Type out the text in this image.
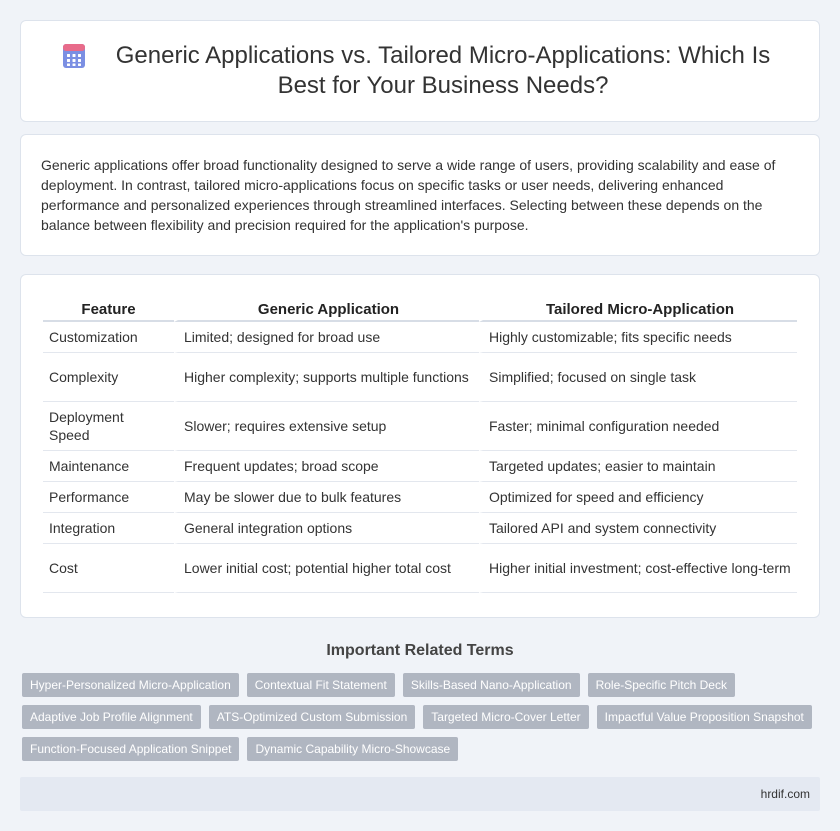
Generic Applications vs. Tailored Micro-Applications: Which Is Best for Your Business Needs?

Generic applications offer broad functionality designed to serve a wide range of users, providing scalability and ease of deployment. In contrast, tailored micro-applications focus on specific tasks or user needs, delivering enhanced performance and personalized experiences through streamlined interfaces. Selecting between these depends on the balance between flexibility and precision required for the application's purpose.

Feature	Generic Application	Tailored Micro-Application
Customization	Limited; designed for broad use	Highly customizable; fits specific needs
Complexity	Higher complexity; supports multiple functions	Simplified; focused on single task
Deployment Speed	Slower; requires extensive setup	Faster; minimal configuration needed
Maintenance	Frequent updates; broad scope	Targeted updates; easier to maintain
Performance	May be slower due to bulk features	Optimized for speed and efficiency
Integration	General integration options	Tailored API and system connectivity
Cost	Lower initial cost; potential higher total cost	Higher initial investment; cost-effective long-term
Important Related Terms
Hyper-Personalized Micro-Application	Contextual Fit Statement	Skills-Based Nano-Application	Role-Specific Pitch Deck
Adaptive Job Profile Alignment	ATS-Optimized Custom Submission	Targeted Micro-Cover Letter	Impactful Value Proposition Snapshot
Function-Focused Application Snippet	Dynamic Capability Micro-Showcase
hrdif.com
